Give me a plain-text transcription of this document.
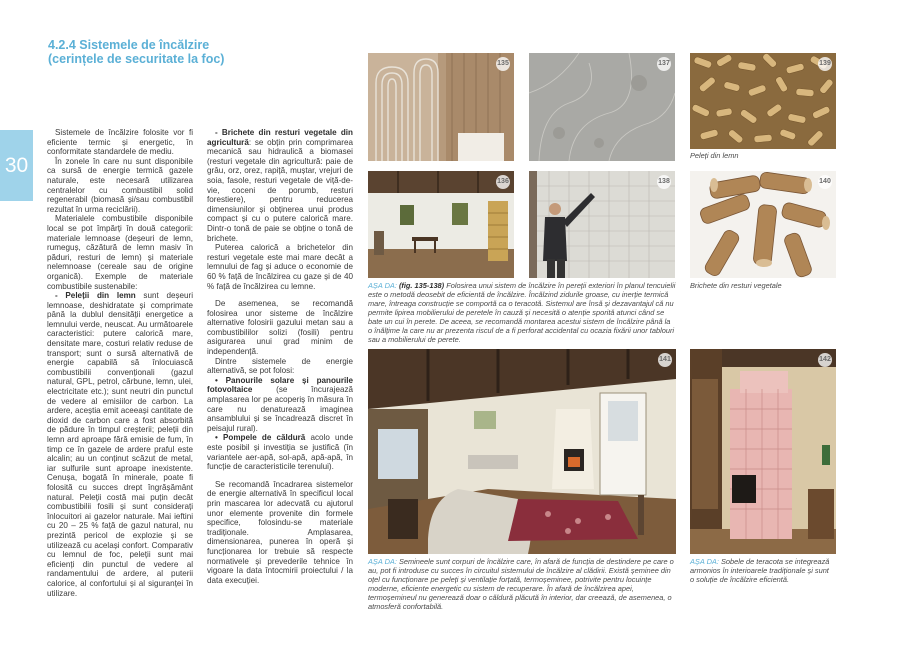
4.2.4 Sistemele de încălzire
(cerințele de securitate la foc)
30

Sistemele de încălzire folosite vor fi eficiente termic și energetic, în conformitate standardele de mediu.

În zonele în care nu sunt disponibile ca sursă de energie termică gazele naturale, este necesară utilizarea centralelor cu combustibil solid regenerabil (biomasă și/sau combustibil rezultat în urma reciclării).

Materialele combustibile disponibile local se pot împărți în două categorii: materiale lemnoase (deșeuri de lemn, rumeguș, căzătură de lemn masiv în păduri, resturi de lemn) și materiale nelemnoase (cereale sau de origine organică). Exemple de materiale combustibile sustenabile:

- Peleții din lemn sunt deșeuri lemnoase, deshidratate și comprimate până la dublul densității energetice a lemnului verde, neuscat. Au următoarele caracteristici: putere calorică mare, densitate mare, costuri relativ reduse de transport; sunt o sursă alternativă de energie capabilă să înlocuiască combustibilii convenționali (gazul natural, GPL, petrol, cărbune, lemn, ulei, electricitate etc.); sunt neutri din punctul de vedere al emisiilor de carbon. La ardere, aceștia emit aceeași cantitate de dioxid de carbon care a fost absorbită de pădure în timpul creșterii; peleții din lemn ard aproape fără emisie de fum, în timp ce în gazele de ardere praful este alcalin; au un conținut scăzut de metal, iar sulfurile sunt aproape inexistente. Cenușa, bogată în minerale, poate fi folosită cu succes drept îngrășământ natural. Peleții costă mai puțin decât combustibilii fosili și sunt considerați înlocuitori ai gazelor naturale. Mai ieftini cu 20 – 25 % față de gazul natural, nu prezintă pericol de explozie și se utilizează cu același confort. Comparativ cu lemnul de foc, peleții sunt mai eficienți din punctul de vedere al randamentului de ardere, al puterii calorice, al confortului și al siguranței în utilizare.

- Brichete din resturi vegetale din agricultură: se obțin prin comprimarea mecanică sau hidraulică a biomasei (resturi vegetale din agricultură: paie de grâu, orz, orez, rapiță, muștar, vrejuri de soia, fasole, resturi vegetale de viță-de-vie, coceni de porumb, resturi forestiere), pentru reducerea dimensiunilor și obținerea unui produs compact și cu o putere calorică mare. Dintr-o tonă de paie se obține o tonă de brichete.

Puterea calorică a brichetelor din resturi vegetale este mai mare decât a lemnului de fag și aduce o economie de 60 % față de încălzirea cu gaze și de 40 % față de încălzirea cu lemne.

De asemenea, se recomandă folosirea unor sisteme de încălzire alternative folosirii gazului metan sau a combustibililor solizi (fosili) pentru asigurarea unui grad minim de independență.

Dintre sistemele de energie alternativă, se pot folosi:

• Panourile solare și panourile fotovoltaice (se încurajează amplasarea lor pe acoperiș în măsura în care nu denaturează imaginea ansamblului și se încadrează discret în peisajul rural).

• Pompele de căldură acolo unde este posibil și investiția se justifică (în variantele aer-apă, sol-apă, apă-apă, în funcție de caracteristicile terenului).

Se recomandă încadrarea sistemelor de energie alternativă în specificul local prin mascarea lor adecvată cu ajutorul unor elemente provenite din formele specifice, folosindu-se materiale tradiționale. Amplasarea, dimensionarea, punerea în operă și funcționarea lor trebuie să respecte normativele și prevederile tehnice în vigoare la data întocmirii proiectului / la data execuției.

135	137	139
Peleți din lemn
136	138	140
Brichete din resturi vegetale
AȘA DA: (fig. 135-138) Folosirea unui sistem de încălzire în pereții exteriori în planul tencuielii este o metodă deosebit de eficientă de încălzire. Încălzind zidurile groase, cu inerție termică mare, întreaga construcție se comportă ca o teracotă. Sistemul are însă și dezavantajul că nu permite lipirea mobilierului de peretele în cauză și necesită o atenție sporită atunci când se bate un cui în perete. De aceea, se recomandă montarea acestui sistem de încălzire până la o înălțime la care nu ar prezenta riscul de a fi perforat accidental cu ocazia fixării unor tablouri sau a mobilierului de perete.
141
AȘA DA: Semineele sunt corpuri de încălzire care, în afară de funcția de destindere pe care o au, pot fi introduse cu succes în circuitul sistemului de încălzire al clădirii. Există șeminee din oțel cu funcționare pe peleți și ventilație forțată, termoșeminee, potrivite pentru locuințe moderne, eficiente energetic cu sistem de recuperare. În afară de încălzirea apei, termoșemineul nu generează doar o căldură plăcută în interior, dar creează, de asemenea, o atmosferă confortabilă.
142
AȘA DA: Sobele de teracota se integrează armonios în interioarele tradiționale și sunt o soluție de încălzire eficientă.
